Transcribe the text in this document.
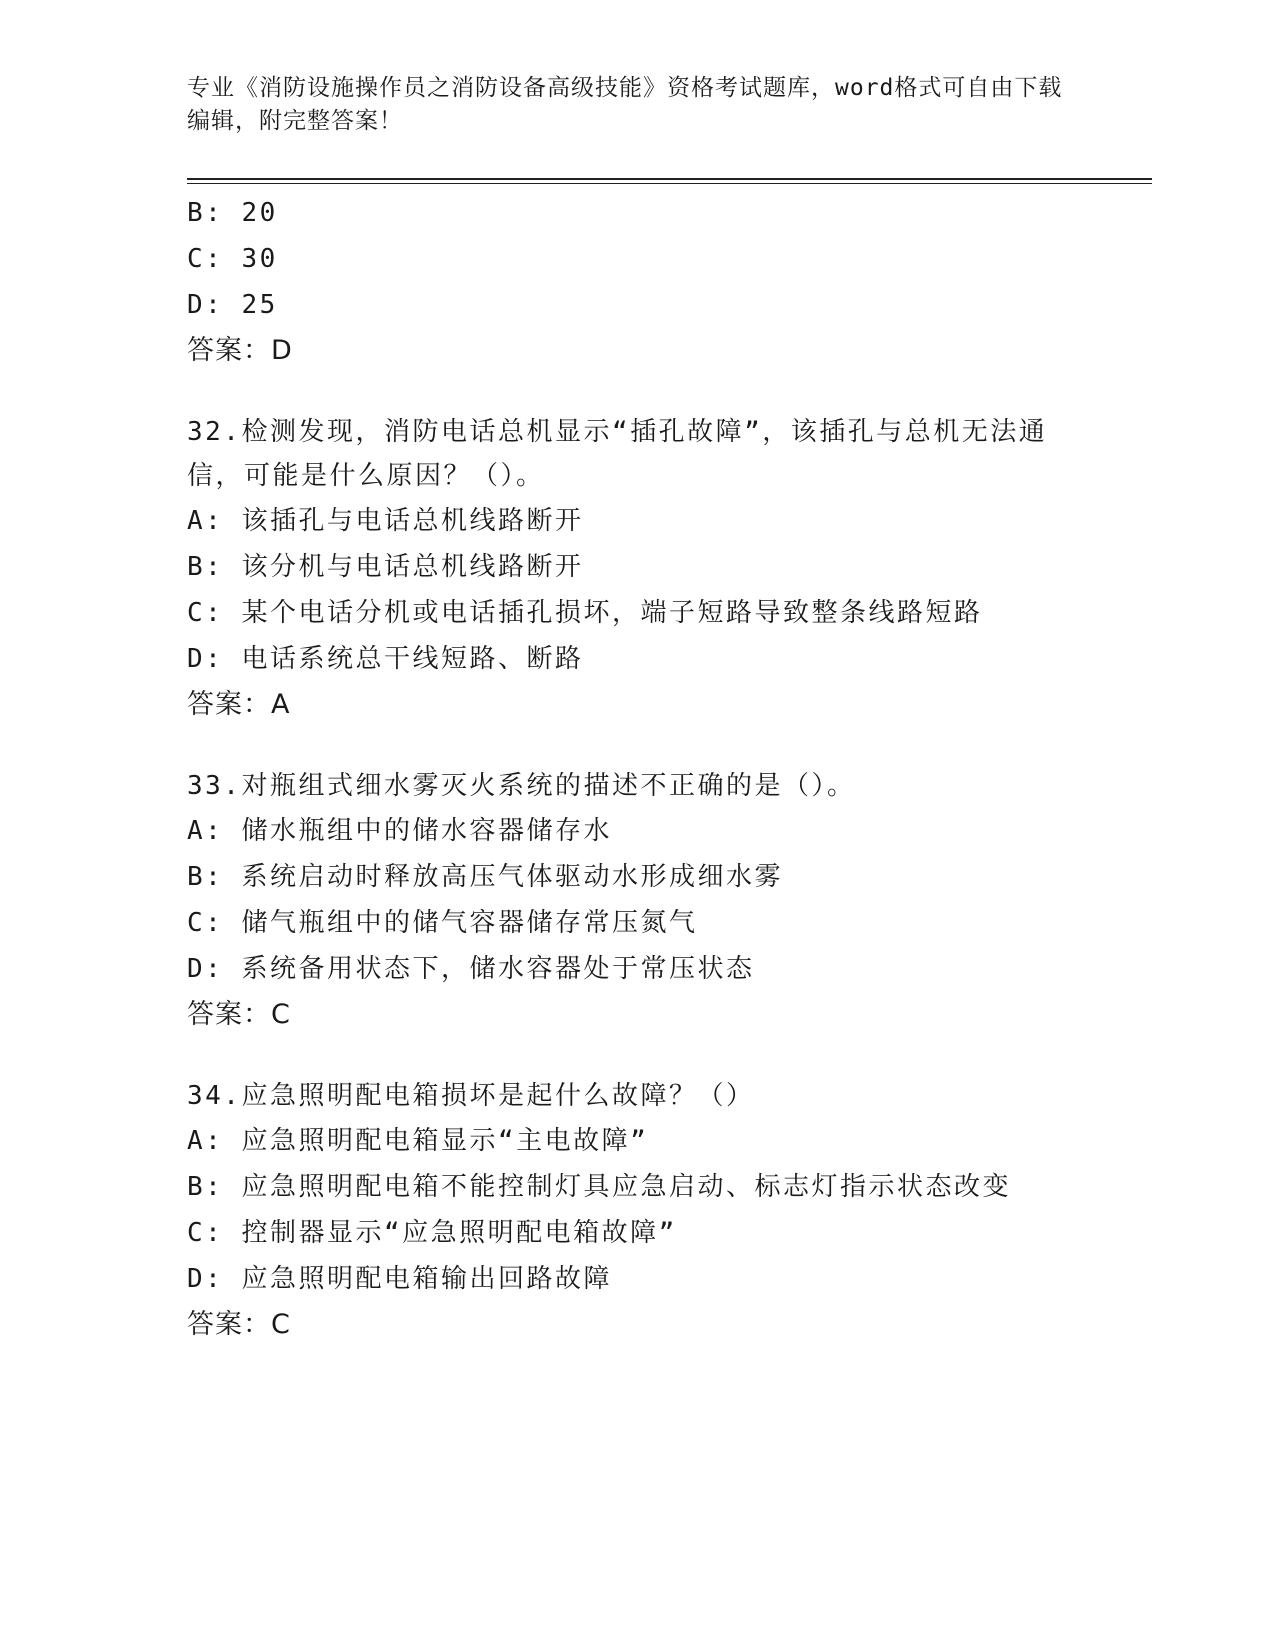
专业《消防设施操作员之消防设备高级技能》资格考试题库，word格式可自由下载编辑，附完整答案！
B: 20
C: 30
D: 25
答案：D
32.检测发现，消防电话总机显示“插孔故障”，该插孔与总机无法通信，可能是什么原因？（）。
A: 该插孔与电话总机线路断开
B: 该分机与电话总机线路断开
C: 某个电话分机或电话插孔损坏，端子短路导致整条线路短路
D: 电话系统总干线短路、断路
答案：A
33.对瓶组式细水雾灭火系统的描述不正确的是（）。
A: 储水瓶组中的储水容器储存水
B: 系统启动时释放高压气体驱动水形成细水雾
C: 储气瓶组中的储气容器储存常压氮气
D: 系统备用状态下，储水容器处于常压状态
答案：C
34.应急照明配电箱损坏是起什么故障？（）
A: 应急照明配电箱显示“主电故障”
B: 应急照明配电箱不能控制灯具应急启动、标志灯指示状态改变
C: 控制器显示“应急照明配电箱故障”
D: 应急照明配电箱输出回路故障
答案：C
